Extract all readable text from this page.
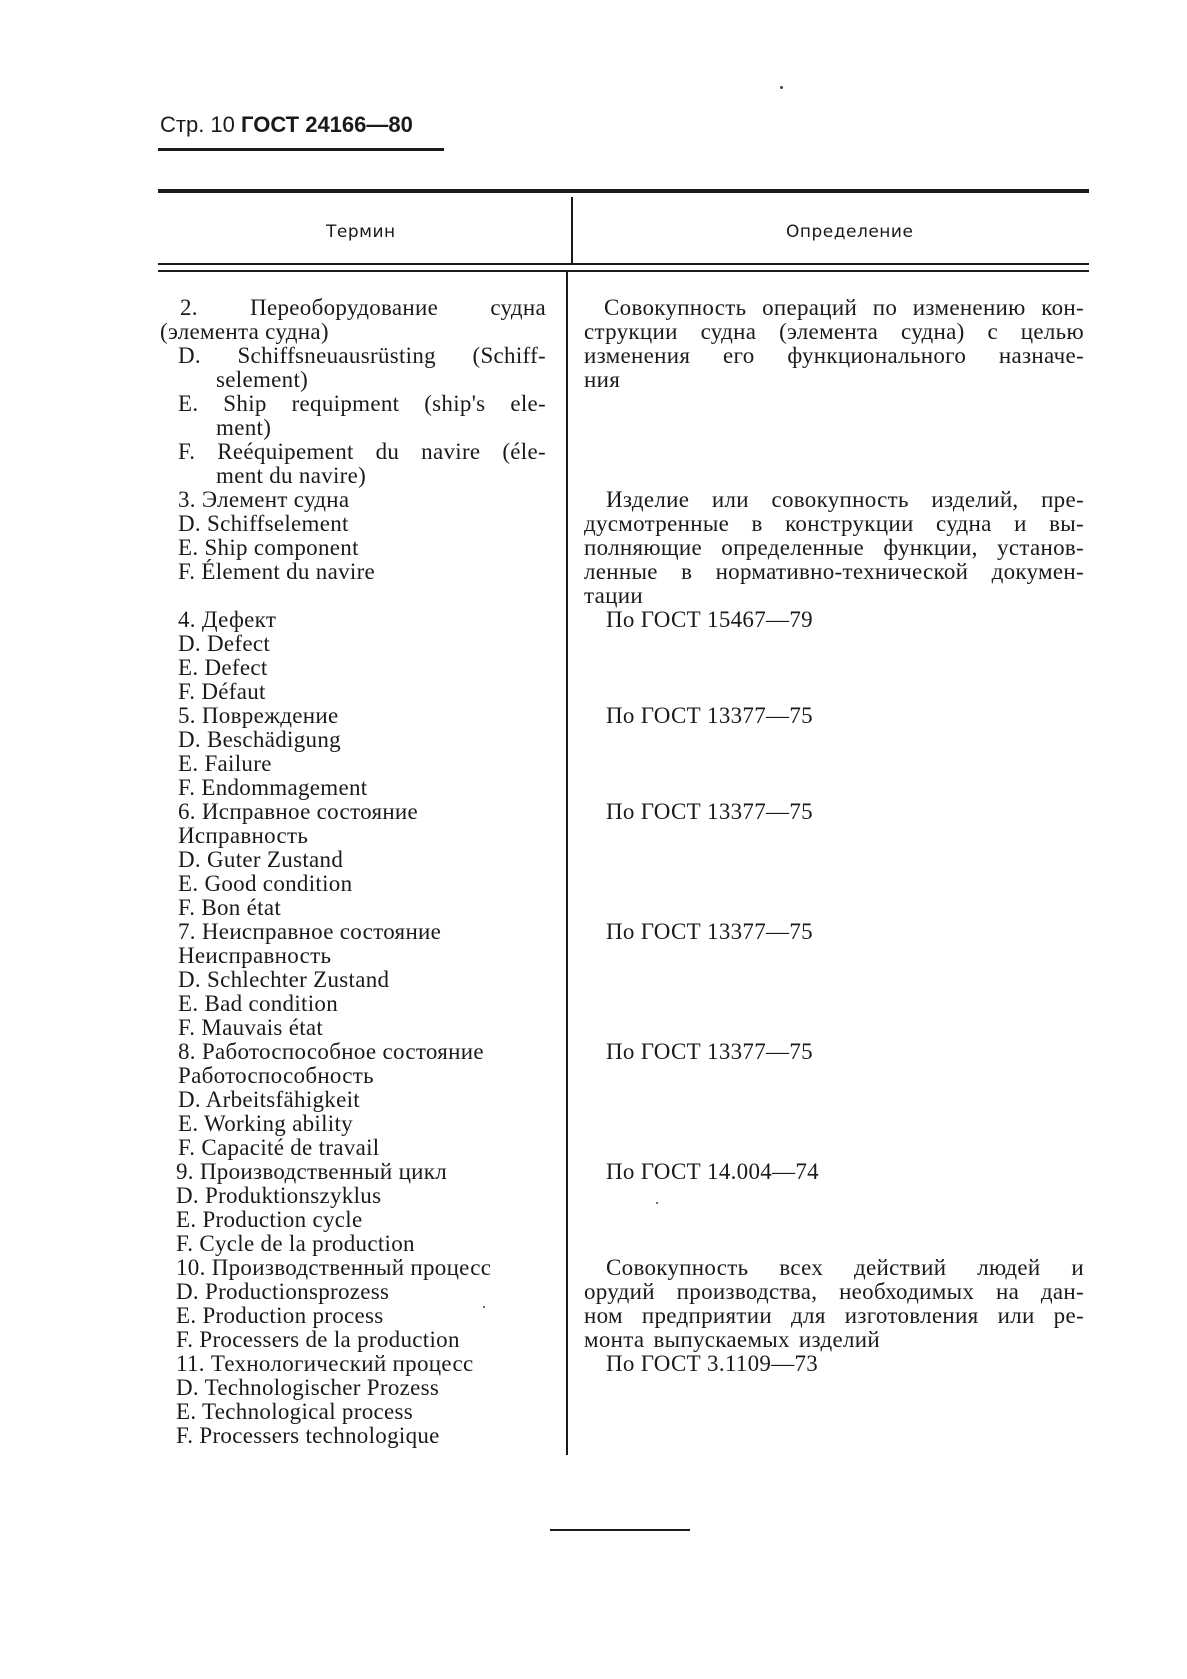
Стр. 10 ГОСТ 24166—80
Термин	Определение
2. Переоборудование судна
(элемента судна)
D. Schiffsneuausrüsting (Schiff-
selement)
E. Ship requipment (ship's ele-
ment)
F. Reéquipement du navire (éle-
ment du navire)
3. Элемент судна
D. Schiffselement
E. Ship component
F. Élement du navire
4. Дефект
D. Defect
E. Defect
F. Défaut
5. Повреждение
D. Beschädigung
E. Failure
F. Endommagement
6. Исправное состояние
Исправность
D. Guter Zustand
E. Good condition
F. Bon état
7. Неисправное состояние
Неисправность
D. Schlechter Zustand
E. Bad condition
F. Mauvais état
8. Работоспособное состояние
Работоспособность
D. Arbeitsfähigkeit
E. Working ability
F. Capacité de travail
9. Производственный цикл
D. Produktionszyklus
E. Production cycle
F. Cycle de la production
10. Производственный процесс
D. Productionsprozess
E. Production process
F. Processers de la production
11. Технологический процесс
D. Technologischer Prozess
E. Technological process
F. Processers technologique
Совокупность операций по изменению кон-
струкции судна (элемента судна) с целью
изменения его функционального назначе-
ния
Изделие или совокупность изделий, пре-
дусмотренные в конструкции судна и вы-
полняющие определенные функции, установ-
ленные в нормативно-технической докумен-
тации
По ГОСТ 15467—79
По ГОСТ 13377—75
По ГОСТ 13377—75
По ГОСТ 13377—75
По ГОСТ 13377—75
По ГОСТ 14.004—74
Совокупность всех действий людей и
орудий производства, необходимых на дан-
ном предприятии для изготовления или ре-
монта выпускаемых изделий
По ГОСТ 3.1109—73
